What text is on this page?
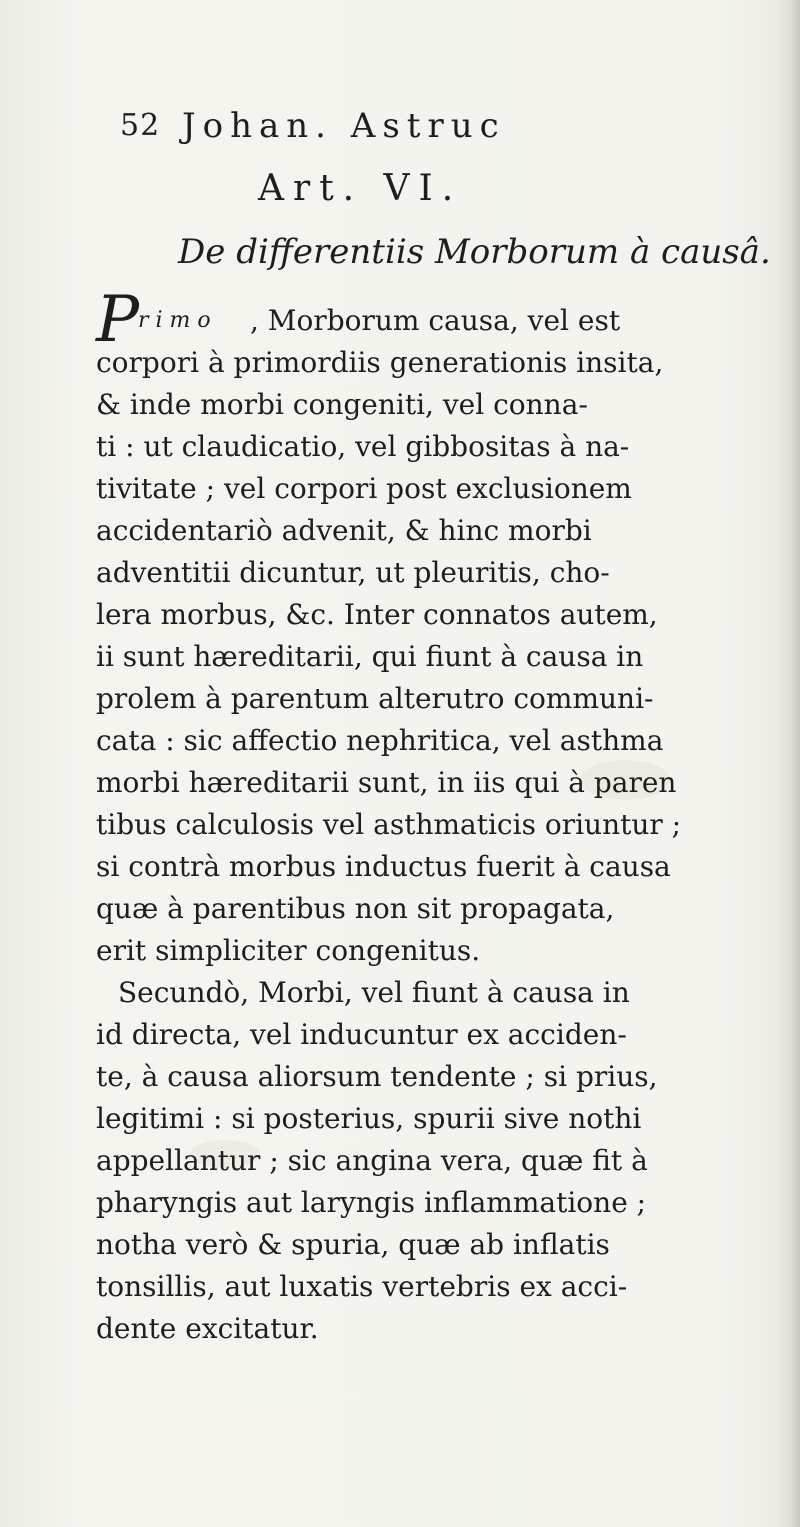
52 Johan. Astruc
Art. VI.
De differentiis Morborum à causâ.
P
rimo , Morborum causa, vel est
corpori à primordiis generationis insita,
& inde morbi congeniti, vel conna-
ti : ut claudicatio, vel gibbositas à na-
tivitate ; vel corpori post exclusionem
accidentariò advenit, & hinc morbi
adventitii dicuntur, ut pleuritis, cho-
lera morbus, &c. Inter connatos autem,
ii sunt hæreditarii, qui fiunt à causa in
prolem à parentum alterutro communi-
cata : sic affectio nephritica, vel asthma
morbi hæreditarii sunt, in iis qui à paren
tibus calculosis vel asthmaticis oriuntur ;
si contrà morbus inductus fuerit à causa
quæ à parentibus non sit propagata,
erit simpliciter congenitus.
Secundò, Morbi, vel fiunt à causa in
id directa, vel inducuntur ex acciden-
te, à causa aliorsum tendente ; si prius,
legitimi : si posterius, spurii sive nothi
appellantur ; sic angina vera, quæ fit à
pharyngis aut laryngis inflammatione ;
notha verò & spuria, quæ ab inflatis
tonsillis, aut luxatis vertebris ex acci-
dente excitatur.
